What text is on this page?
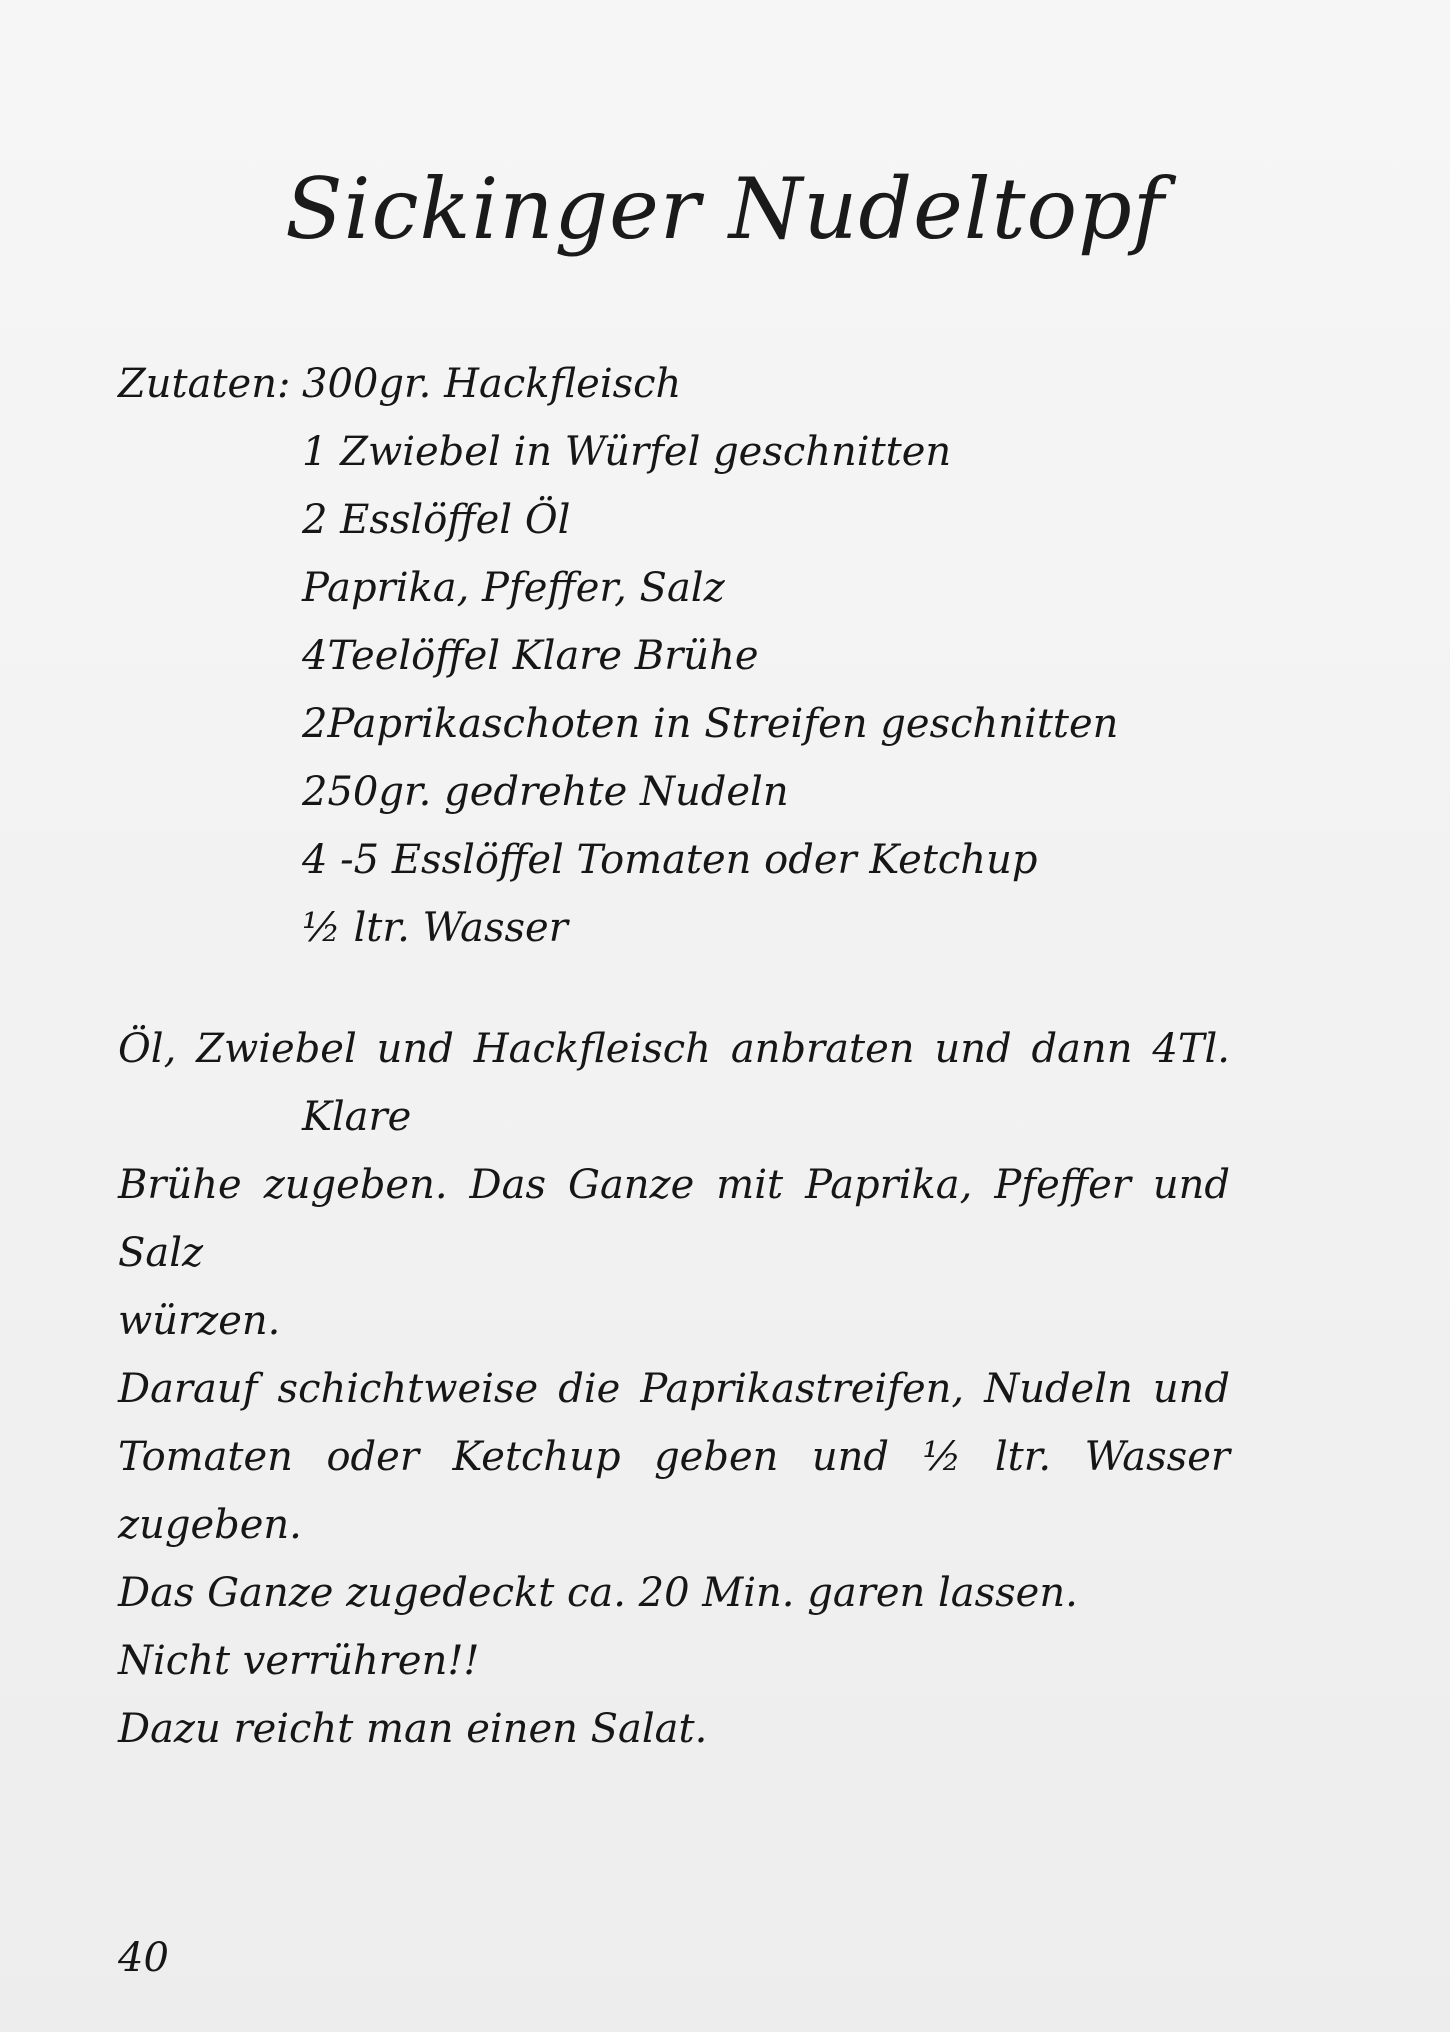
Sickinger Nudeltopf
Zutaten: 300gr. Hackfleisch
1 Zwiebel in Würfel geschnitten
2 Esslöffel Öl
Paprika, Pfeffer, Salz
4Teelöffel Klare Brühe
2Paprikaschoten in Streifen geschnitten
250gr. gedrehte Nudeln
4 -5 Esslöffel Tomaten oder Ketchup
½ ltr. Wasser

Öl, Zwiebel und Hackfleisch anbraten und dann 4Tl.

Klare

Brühe zugeben. Das Ganze mit Paprika, Pfeffer und Salz

würzen.

Darauf schichtweise die Paprikastreifen, Nudeln und

Tomaten oder Ketchup geben und ½ ltr. Wasser zugeben.

Das Ganze zugedeckt ca. 20 Min. garen lassen.

Nicht verrühren!!

Dazu reicht man einen Salat.

40
